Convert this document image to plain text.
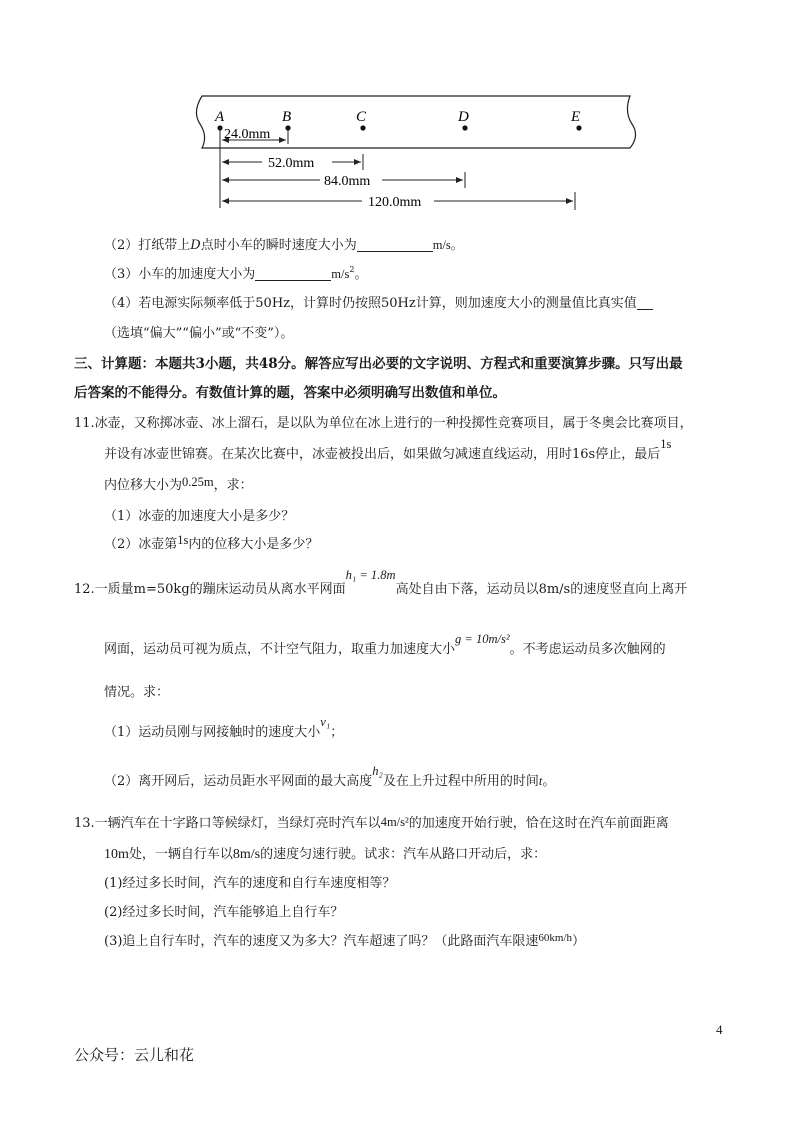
A	B	C	D	E
24.0mm
52.0mm
84.0mm
120.0mm
（2）打纸带上D点时小车的瞬时速度大小为	m/s。
（3）小车的加速度大小为	$m/s^2$。
（4）若电源实际频率低于50Hz，计算时仍按照50Hz计算，则加速度大小的测量值比真实值
（选填“偏大”“偏小”或“不变”）。
三、计算题：本题共3小题，共48分。解答应写出必要的文字说明、方程式和重要演算步骤。只写出最
后答案的不能得分。有数值计算的题，答案中必须明确写出数值和单位。
11.冰壶，又称掷冰壶、冰上溜石，是以队为单位在冰上进行的一种投掷性竞赛项目，属于冬奥会比赛项目，
并设有冰壶世锦赛。在某次比赛中，冰壶被投出后，如果做匀减速直线运动，用时16s停止，最后1s
内位移大小为0.25m，求：
（1）冰壶的加速度大小是多少？
（2）冰壶第1s内的位移大小是多少？
12.一质量m=50kg的蹦床运动员从离水平网面h₁ = 1.8m高处自由下落，运动员以8m/s的速度竖直向上离开
网面，运动员可视为质点，不计空气阻力，取重力加速度大小g = 10m/s²。不考虑运动员多次触网的
情况。求：
（1）运动员刚与网接触时的速度大小v₁；
（2）离开网后，运动员距水平网面的最大高度h₂及在上升过程中所用的时间t。
13.一辆汽车在十字路口等候绿灯，当绿灯亮时汽车以4m/s²的加速度开始行驶，恰在这时在汽车前面距离
10m处，一辆自行车以8m/s的速度匀速行驶。试求：汽车从路口开动后，求：
(1)经过多长时间，汽车的速度和自行车速度相等？
(2)经过多长时间，汽车能够追上自行车？
(3)追上自行车时，汽车的速度又为多大？汽车超速了吗？（此路面汽车限速$^{60km/h}$）
4
公众号：云儿和花
